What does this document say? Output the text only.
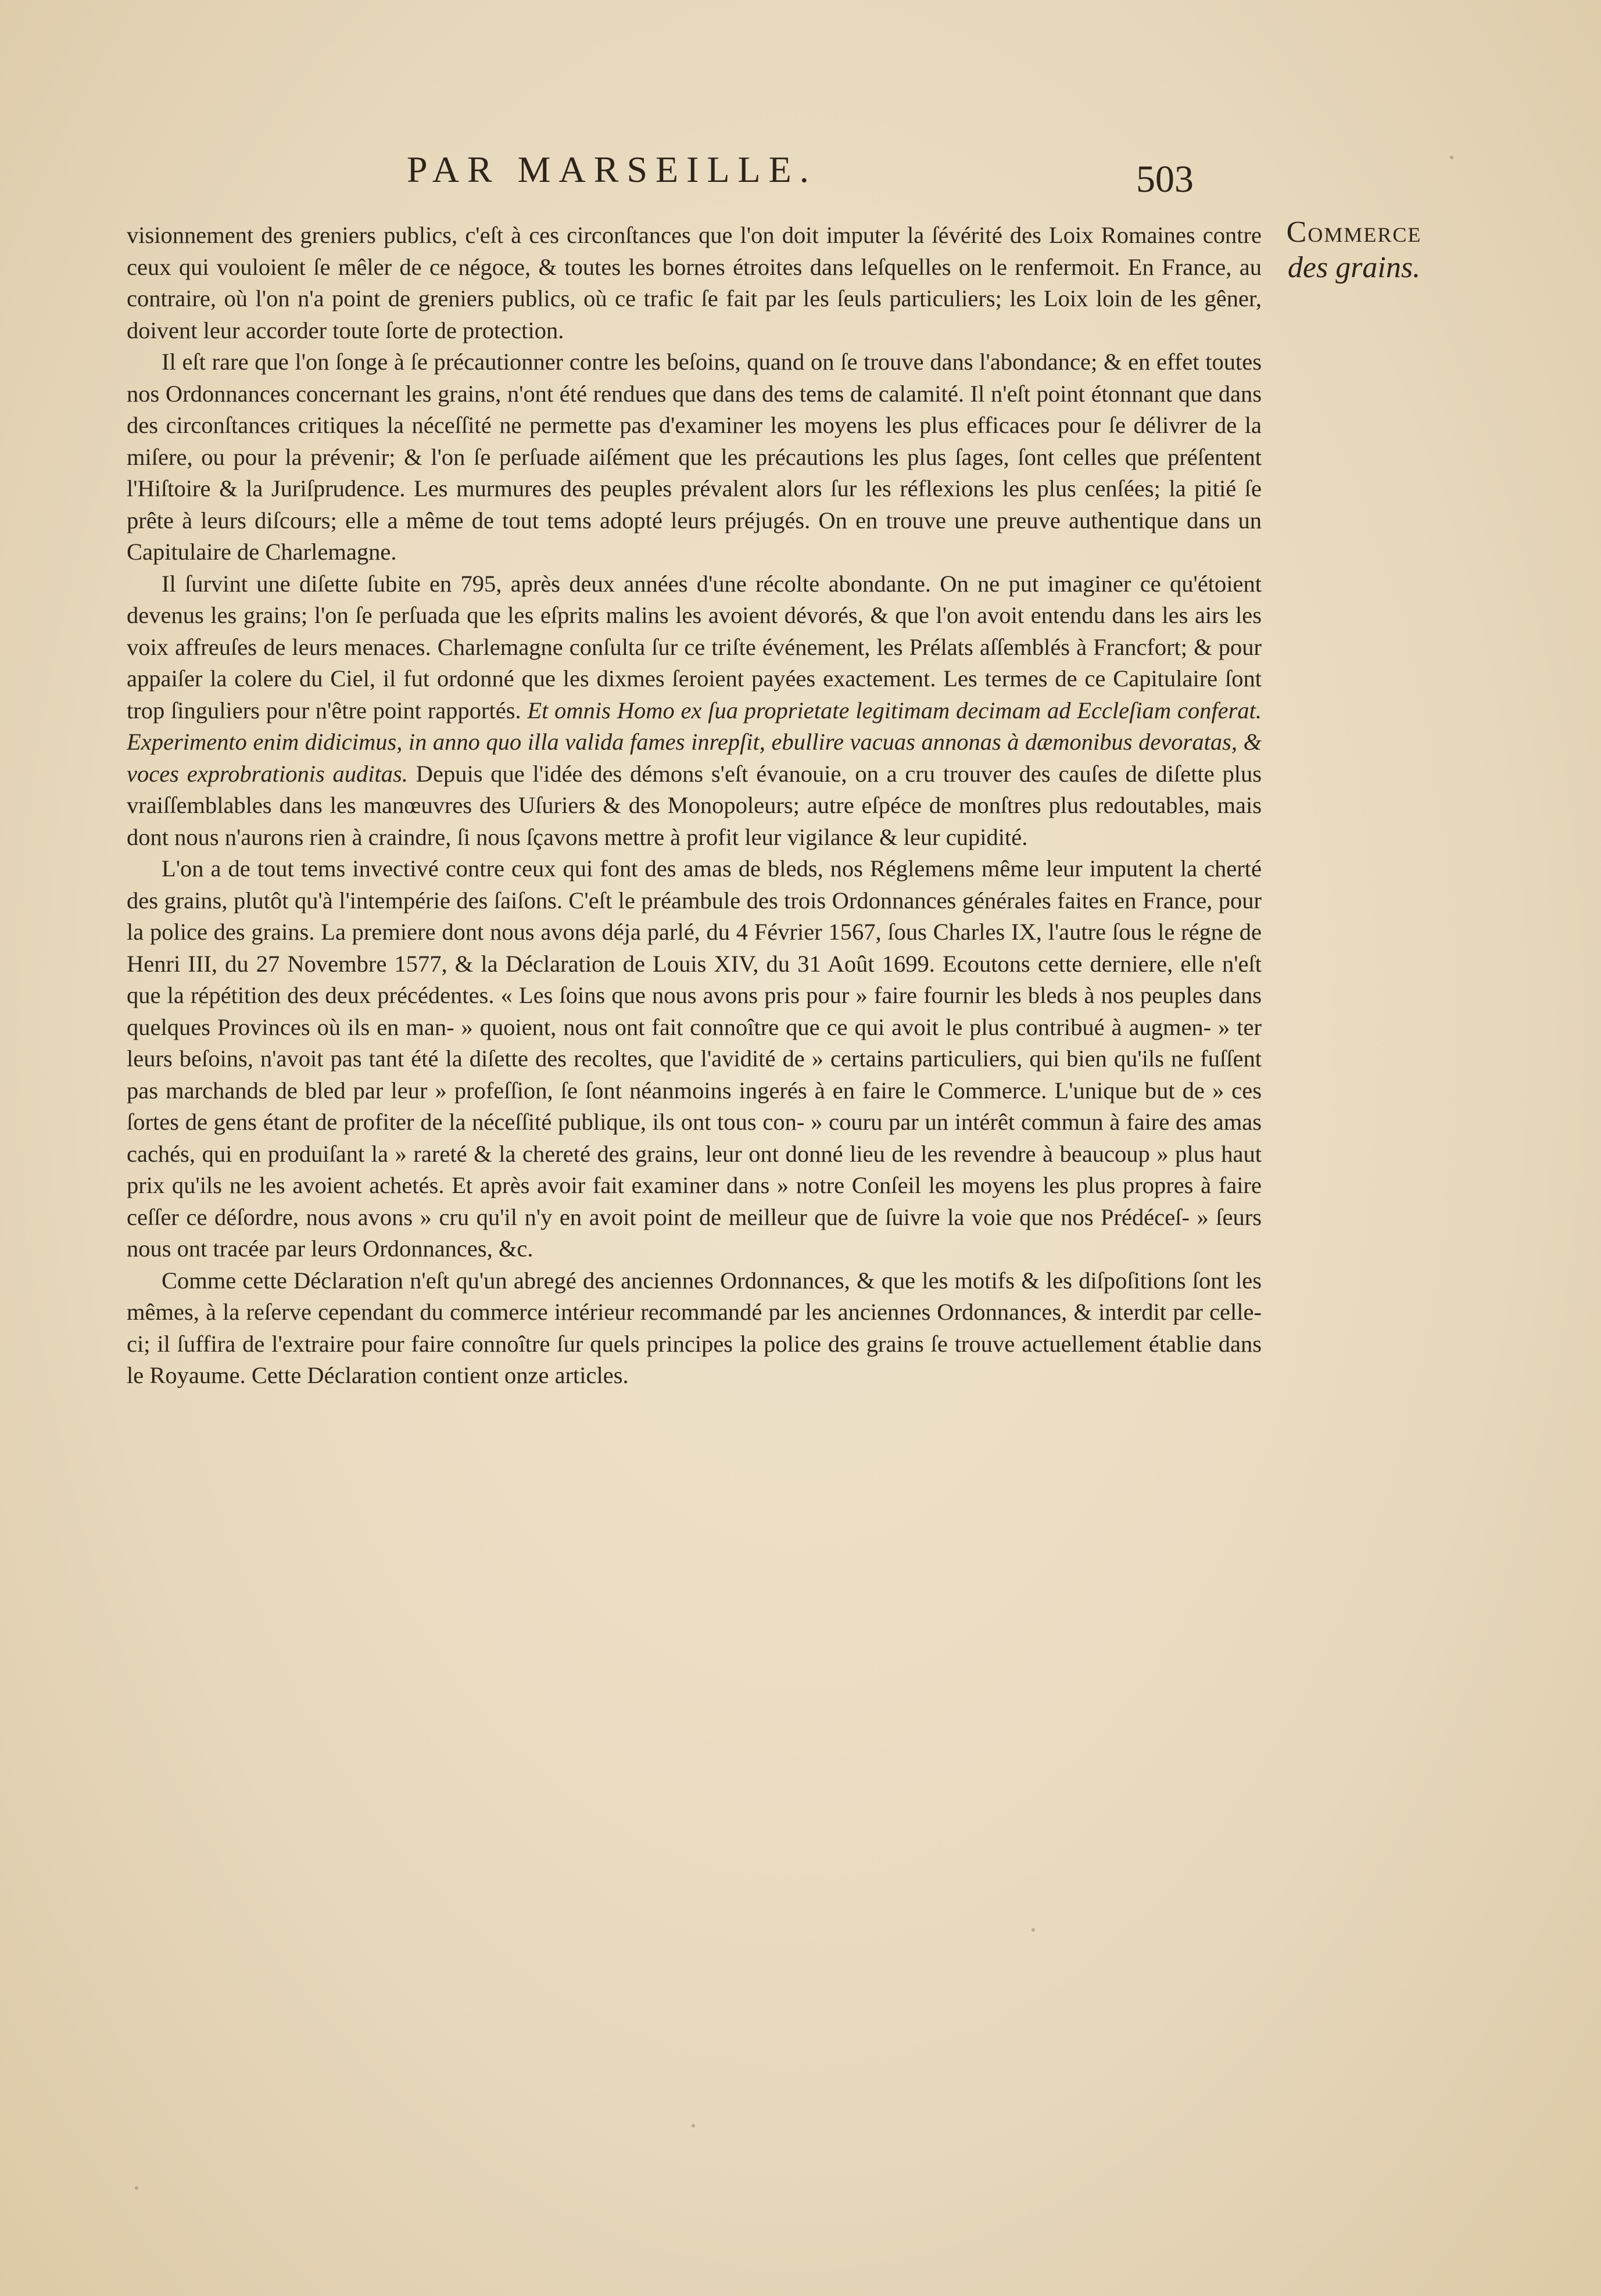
PAR MARSEILLE.	503
Commerce
des grains.

visionnement des greniers publics, c'eſt à ces circonſtances que l'on doit imputer la ſévérité des Loix Romaines contre ceux qui vouloient ſe mêler de ce négoce, & toutes les bornes étroites dans leſquelles on le renfermoit. En France, au contraire, où l'on n'a point de greniers publics, où ce trafic ſe fait par les ſeuls particuliers; les Loix loin de les gêner, doivent leur accorder toute ſorte de protection.

Il eſt rare que l'on ſonge à ſe précautionner contre les beſoins, quand on ſe trouve dans l'abondance; & en effet toutes nos Ordonnances concernant les grains, n'ont été rendues que dans des tems de calamité. Il n'eſt point étonnant que dans des circonſtances critiques la néceſſité ne permette pas d'examiner les moyens les plus efficaces pour ſe délivrer de la miſere, ou pour la prévenir; & l'on ſe perſuade aiſément que les précautions les plus ſages, ſont celles que préſentent l'Hiſtoire & la Juriſprudence. Les murmures des peuples prévalent alors ſur les réflexions les plus cenſées; la pitié ſe prête à leurs diſcours; elle a même de tout tems adopté leurs préjugés. On en trouve une preuve authentique dans un Capitulaire de Charlemagne.

Il ſurvint une diſette ſubite en 795, après deux années d'une récolte abondante. On ne put imaginer ce qu'étoient devenus les grains; l'on ſe perſuada que les eſprits malins les avoient dévorés, & que l'on avoit entendu dans les airs les voix affreuſes de leurs menaces. Charlemagne conſulta ſur ce triſte événement, les Prélats aſſemblés à Francfort; & pour appaiſer la colere du Ciel, il fut ordonné que les dixmes ſeroient payées exactement. Les termes de ce Capitulaire ſont trop ſinguliers pour n'être point rapportés. Et omnis Homo ex ſua proprietate legitimam decimam ad Eccleſiam conferat. Experimento enim didicimus, in anno quo illa valida fames inrepſit, ebullire vacuas annonas à dæmonibus devoratas, & voces exprobrationis auditas. Depuis que l'idée des démons s'eſt évanouie, on a cru trouver des cauſes de diſette plus vraiſſemblables dans les manœuvres des Uſuriers & des Monopoleurs; autre eſpéce de monſtres plus redoutables, mais dont nous n'aurons rien à craindre, ſi nous ſçavons mettre à profit leur vigilance & leur cupidité.

L'on a de tout tems invectivé contre ceux qui font des amas de bleds, nos Réglemens même leur imputent la cherté des grains, plutôt qu'à l'intempérie des ſaiſons. C'eſt le préambule des trois Ordonnances générales faites en France, pour la police des grains. La premiere dont nous avons déja parlé, du 4 Février 1567, ſous Charles IX, l'autre ſous le régne de Henri III, du 27 Novembre 1577, & la Déclaration de Louis XIV, du 31 Août 1699. Ecoutons cette derniere, elle n'eſt que la répétition des deux précédentes. « Les ſoins que nous avons pris pour » faire fournir les bleds à nos peuples dans quelques Provinces où ils en man- » quoient, nous ont fait connoître que ce qui avoit le plus contribué à augmen- » ter leurs beſoins, n'avoit pas tant été la diſette des recoltes, que l'avidité de » certains particuliers, qui bien qu'ils ne fuſſent pas marchands de bled par leur » profeſſion, ſe ſont néanmoins ingerés à en faire le Commerce. L'unique but de » ces ſortes de gens étant de profiter de la néceſſité publique, ils ont tous con- » couru par un intérêt commun à faire des amas cachés, qui en produiſant la » rareté & la chereté des grains, leur ont donné lieu de les revendre à beaucoup » plus haut prix qu'ils ne les avoient achetés. Et après avoir fait examiner dans » notre Conſeil les moyens les plus propres à faire ceſſer ce déſordre, nous avons » cru qu'il n'y en avoit point de meilleur que de ſuivre la voie que nos Prédéceſ- » ſeurs nous ont tracée par leurs Ordonnances, &c.

Comme cette Déclaration n'eſt qu'un abregé des anciennes Ordonnances, & que les motifs & les diſpoſitions ſont les mêmes, à la reſerve cependant du commerce intérieur recommandé par les anciennes Ordonnances, & interdit par celle-ci; il ſuffira de l'extraire pour faire connoître ſur quels principes la police des grains ſe trouve actuellement établie dans le Royaume. Cette Déclaration contient onze articles.
